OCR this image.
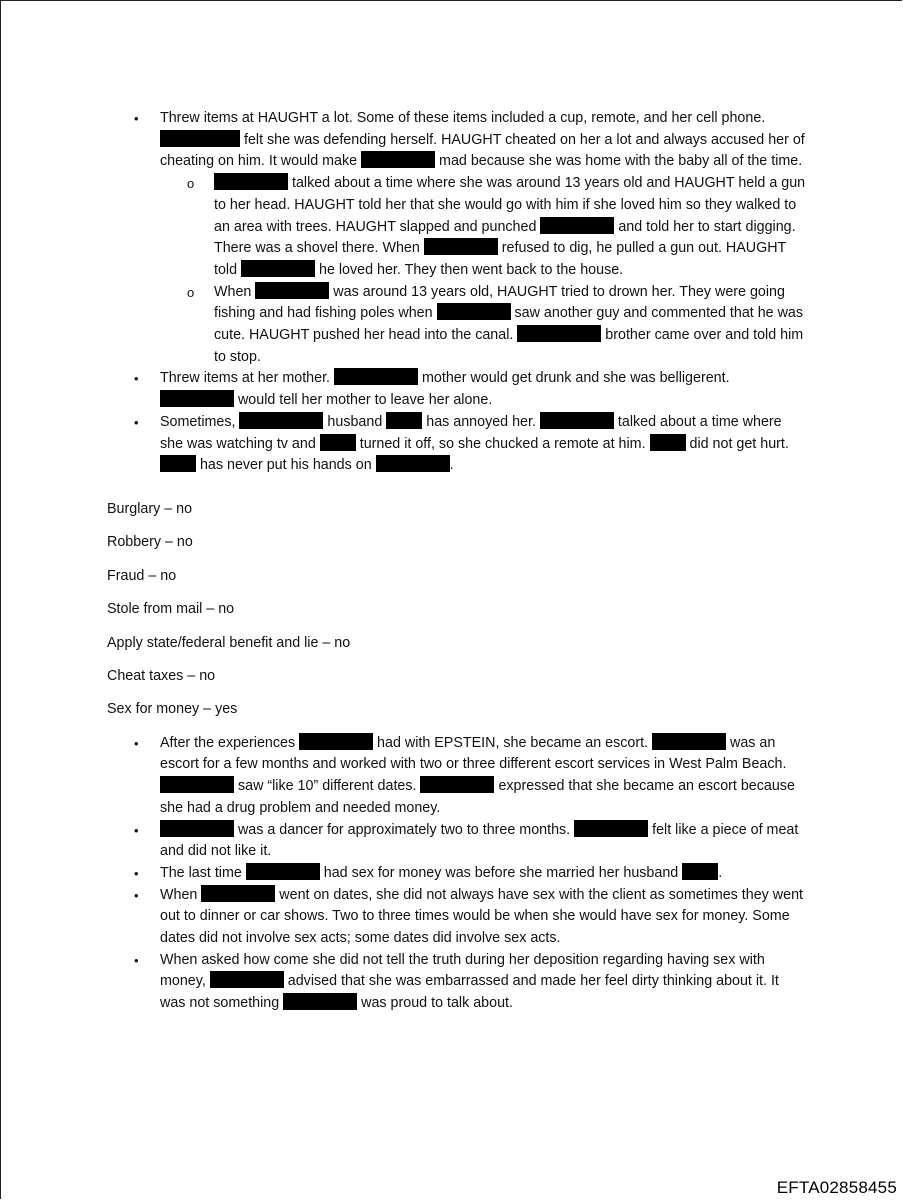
• Threw items at HAUGHT a lot. Some of these items included a cup, remote, and her cell phone.  felt she was defending herself. HAUGHT cheated on her a lot and always accused her of cheating on him. It would make	mad because she was home with the baby all of the time.
o	talked about a time where she was around 13 years old and HAUGHT held a gun to her head. HAUGHT told her that she would go with him if she loved him so they walked to an area with trees. HAUGHT slapped and punched	and told her to start digging. There was a shovel there. When	refused to dig, he pulled a gun out. HAUGHT told	he loved her. They then went back to the house.
o When	was around 13 years old, HAUGHT tried to drown her. They were going fishing and had fishing poles when	saw another guy and commented that he was cute. HAUGHT pushed her head into the canal.	brother came over and told him to stop.
• Threw items at her mother.	mother would get drunk and she was belligerent.  would tell her mother to leave her alone.
• Sometimes,	husband	has annoyed her.	talked about a time where she was watching tv and	turned it off, so she chucked a remote at him.	did not get hurt.  has never put his hands on	.

Burglary – no

Robbery – no

Fraud – no

Stole from mail – no

Apply state/federal benefit and lie – no

Cheat taxes – no

Sex for money – yes

• After the experiences	had with EPSTEIN, she became an escort.	was an escort for a few months and worked with two or three different escort services in West Palm Beach.  saw “like 10” different dates.	expressed that she became an escort because she had a drug problem and needed money.
•	was a dancer for approximately two to three months.	felt like a piece of meat and did not like it.
• The last time	had sex for money was before she married her husband	.
• When	went on dates, she did not always have sex with the client as sometimes they went out to dinner or car shows. Two to three times would be when she would have sex for money. Some dates did not involve sex acts; some dates did involve sex acts.
• When asked how come she did not tell the truth during her deposition regarding having sex with money,	advised that she was embarrassed and made her feel dirty thinking about it. It was not something	was proud to talk about.
EFTA02858455
